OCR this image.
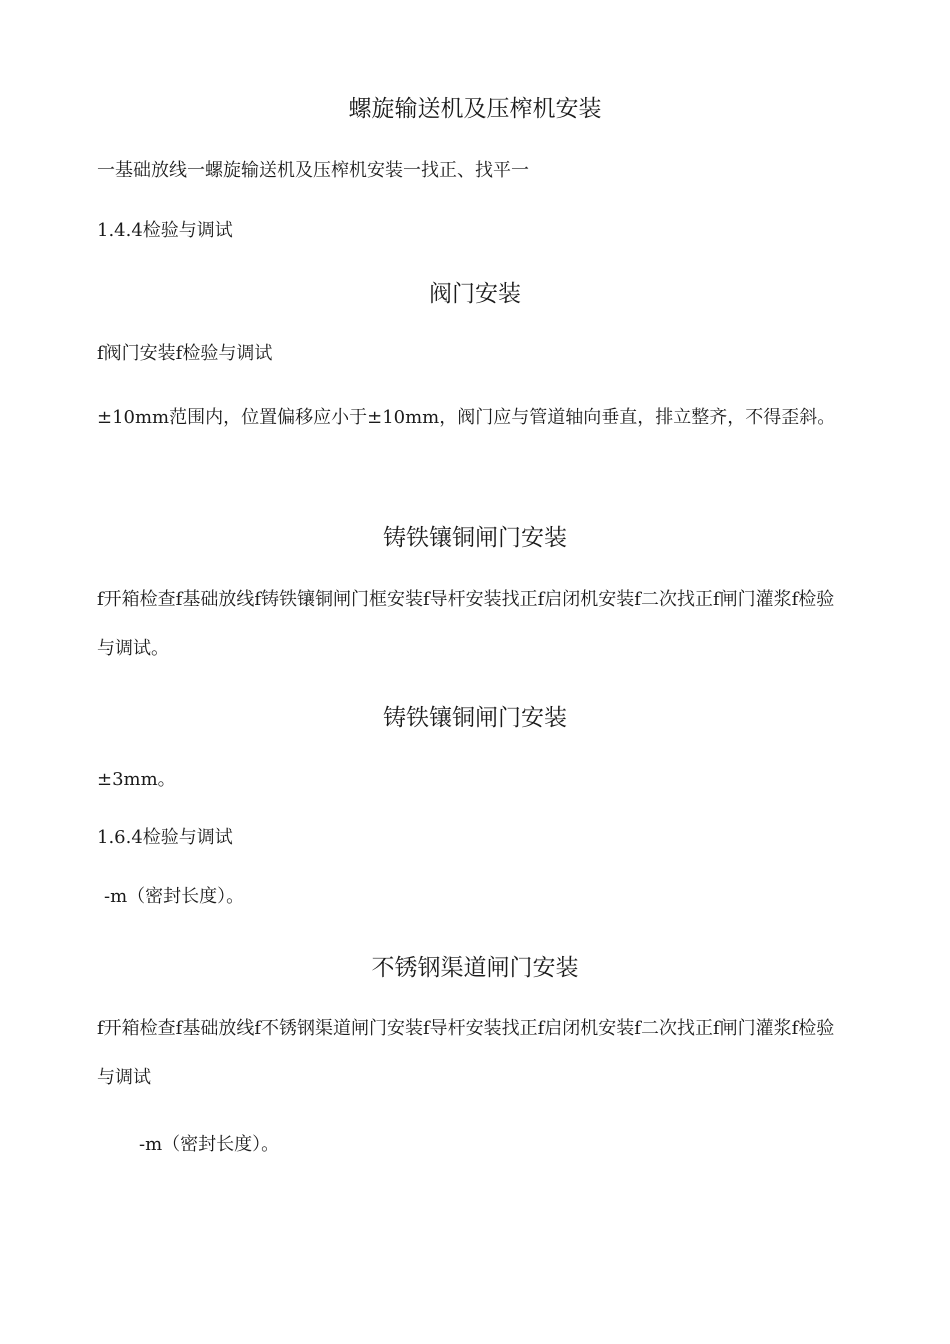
螺旋输送机及压榨机安装
一基础放线一螺旋输送机及压榨机安装一找正、找平一
1.4.4检验与调试
阀门安装
f阀门安装f检验与调试
±10mm范围内，位置偏移应小于±10mm，阀门应与管道轴向垂直，排立整齐，不得歪斜。
铸铁镶铜闸门安装
f开箱检查f基础放线f铸铁镶铜闸门框安装f导杆安装找正f启闭机安装f二次找正f闸门灌浆f检验与调试。
铸铁镶铜闸门安装
±3mm。
1.6.4检验与调试
-m（密封长度）。
不锈钢渠道闸门安装
f开箱检查f基础放线f不锈钢渠道闸门安装f导杆安装找正f启闭机安装f二次找正f闸门灌浆f检验与调试
-m（密封长度）。
